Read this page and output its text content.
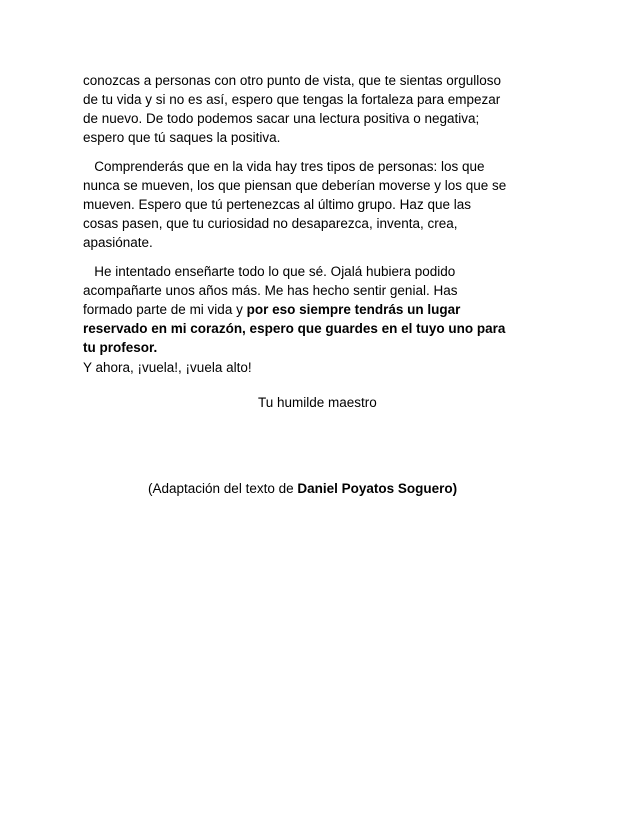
conozcas a personas con otro punto de vista, que te sientas orgulloso
de tu vida y si no es así, espero que tengas la fortaleza para empezar
de nuevo. De todo podemos sacar una lectura positiva o negativa;
espero que tú saques la positiva.
Comprenderás que en la vida hay tres tipos de personas: los que
nunca se mueven, los que piensan que deberían moverse y los que se
mueven. Espero que tú pertenezcas al último grupo. Haz que las
cosas pasen, que tu curiosidad no desaparezca, inventa, crea,
apasiónate.
He intentado enseñarte todo lo que sé. Ojalá hubiera podido
acompañarte unos años más. Me has hecho sentir genial. Has
formado parte de mi vida y por eso siempre tendrás un lugar
reservado en mi corazón, espero que guardes en el tuyo uno para
tu profesor.
Y ahora, ¡vuela!, ¡vuela alto!
Tu humilde maestro
(Adaptación del texto de Daniel Poyatos Soguero)
